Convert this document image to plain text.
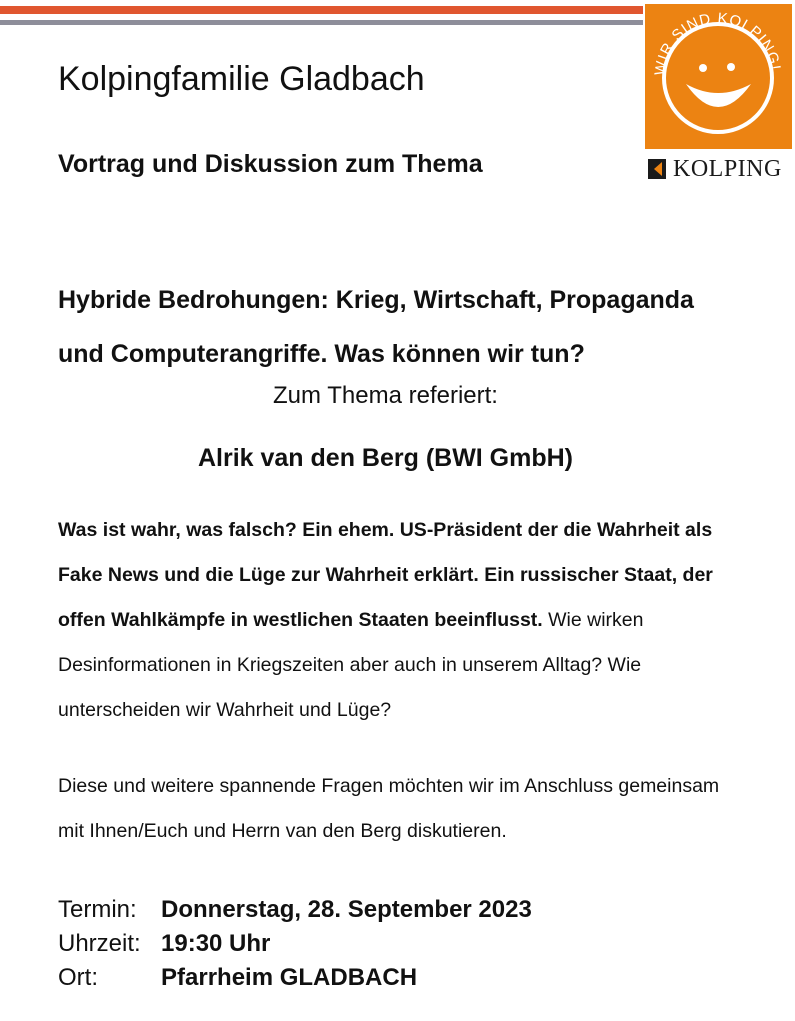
WIR SIND KOLPING!
KOLPING
Kolpingfamilie Gladbach
Vortrag und Diskussion zum Thema
Hybride Bedrohungen: Krieg, Wirtschaft, Propaganda
und Computerangriffe. Was können wir tun?
Zum Thema referiert:
Alrik van den Berg (BWI GmbH)

Was ist wahr, was falsch? Ein ehem. US-Präsident der die Wahrheit als Fake News und die Lüge zur Wahrheit erklärt. Ein russischer Staat, der offen Wahlkämpfe in westlichen Staaten beeinflusst. Wie wirken Desinformationen in Kriegszeiten aber auch in unserem Alltag? Wie unterscheiden wir Wahrheit und Lüge?

Diese und weitere spannende Fragen möchten wir im Anschluss gemeinsam mit Ihnen/Euch und Herrn van den Berg diskutieren.

Termin: Donnerstag, 28. September 2023
Uhrzeit: 19:30 Uhr
Ort:	Pfarrheim GLADBACH
